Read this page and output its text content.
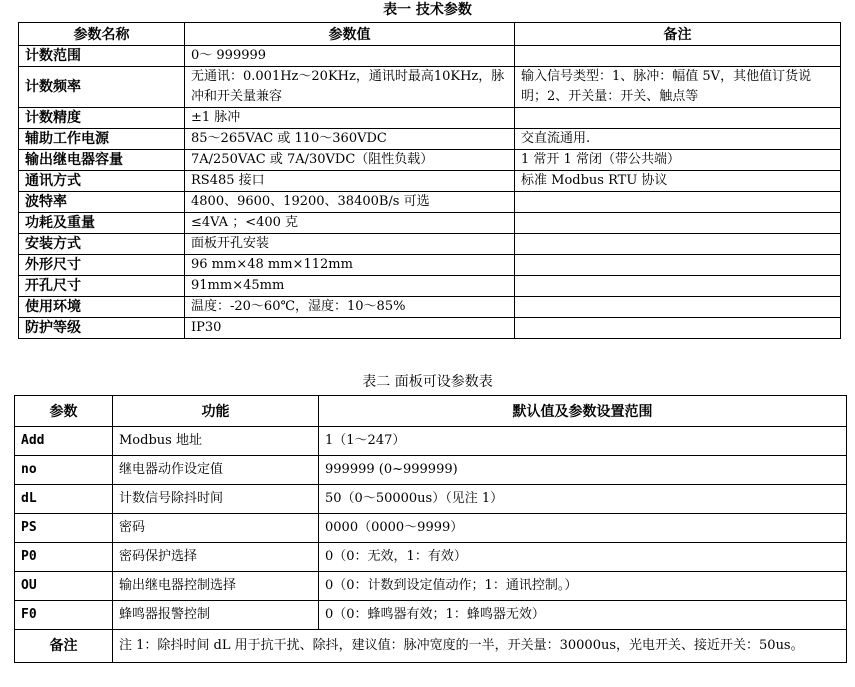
表一 技术参数
参数名称	参数值	备注
计数范围	0～ 999999	
计数频率	无通讯：0.001Hz～20KHz，通讯时最高10KHz，脉冲和开关量兼容	输入信号类型：1、脉冲：幅值 5V，其他值订货说明；2、开关量：开关、触点等
计数精度	±1 脉冲	
辅助工作电源	85～265VAC 或 110～360VDC	交直流通用.
输出继电器容量	7A/250VAC 或 7A/30VDC（阻性负载）	1 常开 1 常闭（带公共端）
通讯方式	RS485 接口	标准 Modbus RTU 协议
波特率	4800、9600、19200、38400B/s 可选	
功耗及重量	≤4VA ；<400 克	
安装方式	面板开孔安装	
外形尺寸	96 mm×48 mm×112mm	
开孔尺寸	91mm×45mm	
使用环境	温度：-20～60℃，湿度：10～85%	
防护等级	IP30	
表二 面板可设参数表
参数	功能	默认值及参数设置范围
Add	Modbus 地址	1（1～247）
no	继电器动作设定值	999999 (0~999999)
dL	计数信号除抖时间	50（0～50000us）（见注 1）
PS	密码	0000（0000～9999）
P0	密码保护选择	0（0：无效，1：有效）
OU	输出继电器控制选择	0（0：计数到设定值动作；1：通讯控制。）
F0	蜂鸣器报警控制	0（0：蜂鸣器有效；1：蜂鸣器无效）
备注	注 1：除抖时间 dL 用于抗干扰、除抖，建议值：脉冲宽度的一半，开关量：30000us，光电开关、接近开关：50us。	
